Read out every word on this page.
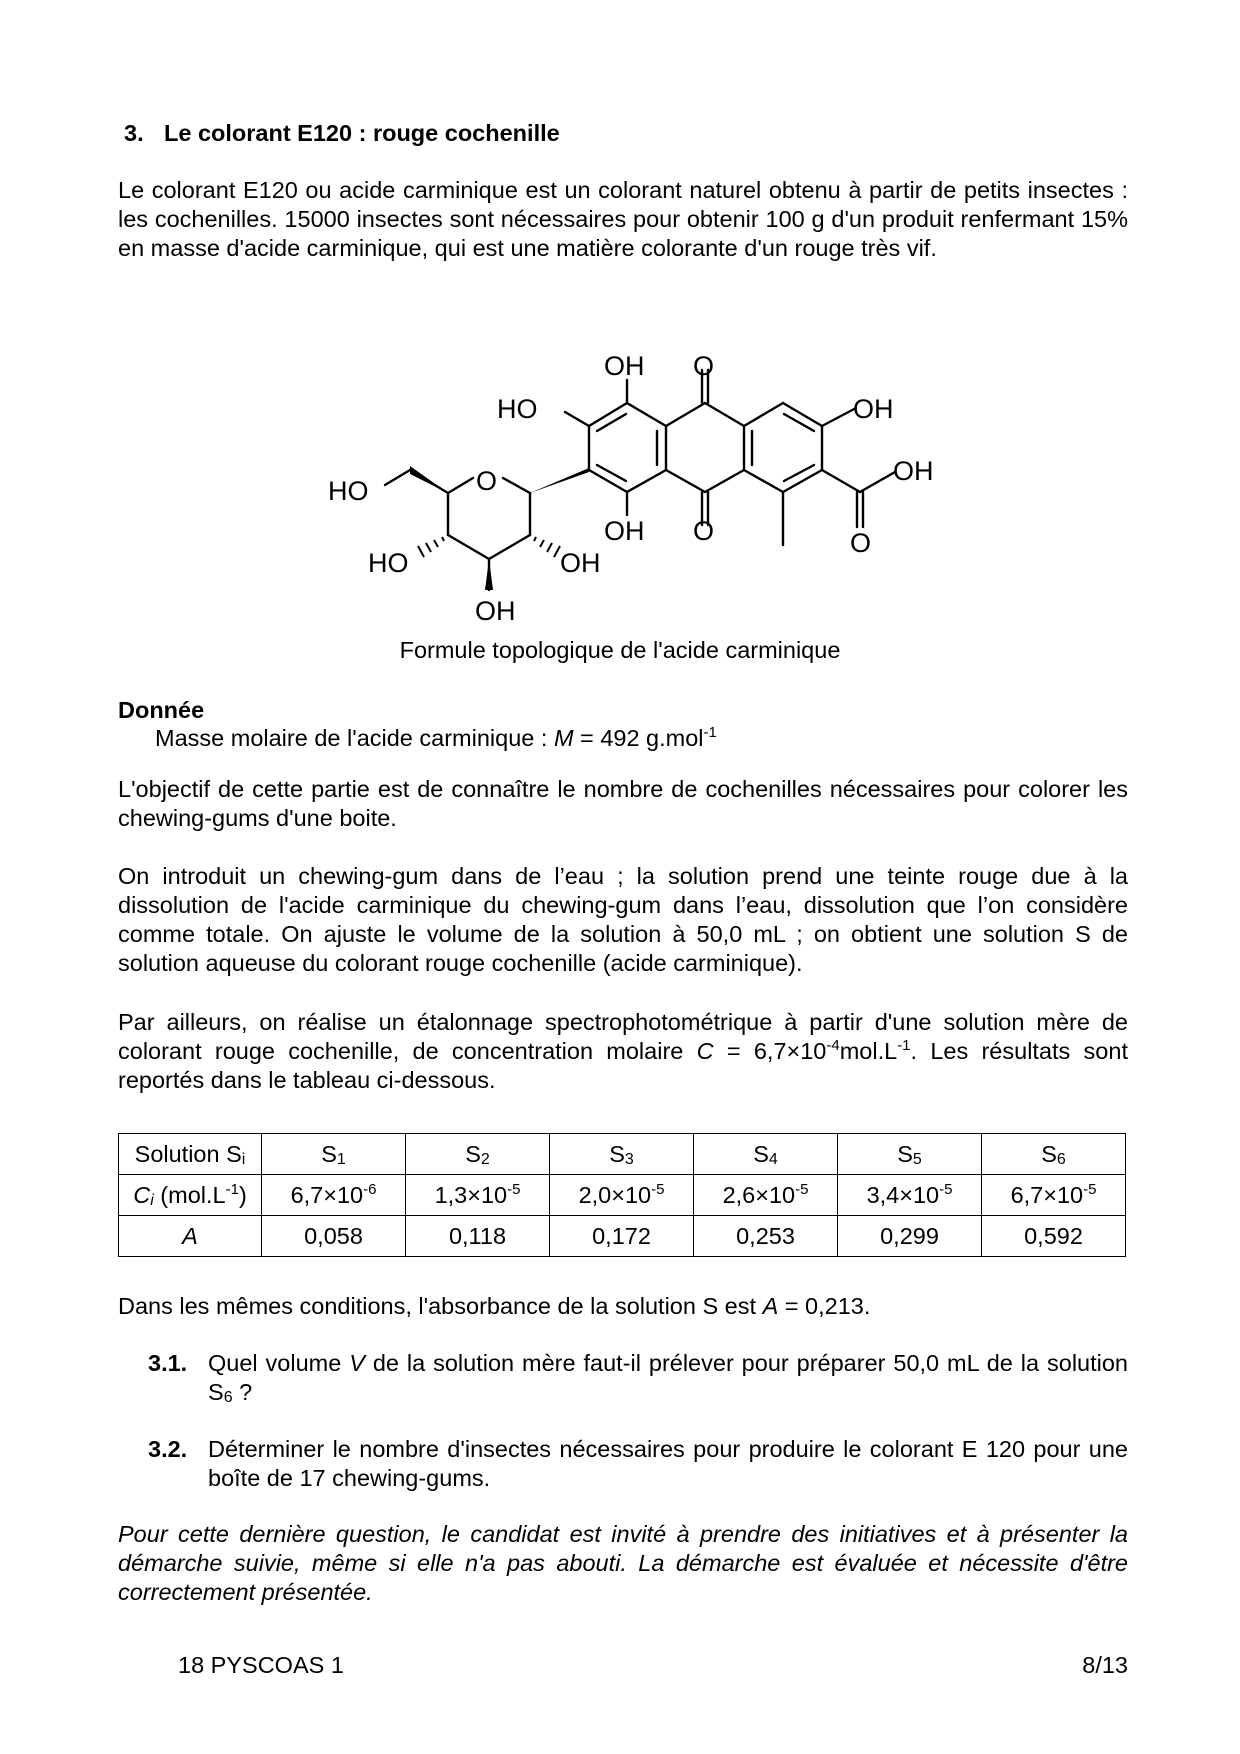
3. Le colorant E120 : rouge cochenille
Le colorant E120 ou acide carminique est un colorant naturel obtenu à partir de petits insectes : les cochenilles. 15000 insectes sont nécessaires pour obtenir 100 g d'un produit renfermant 15% en masse d'acide carminique, qui est une matière colorante d'un rouge très vif.
OH O
HO	OH
OH
O
HO
OH O	O
HO	OH
OH
Formule topologique de l'acide carminique
Donnée
Masse molaire de l'acide carminique : M = 492 g.mol$^{-1}$
L'objectif de cette partie est de connaître le nombre de cochenilles nécessaires pour colorer les chewing-gums d'une boite.
On introduit un chewing-gum dans de l’eau ; la solution prend une teinte rouge due à la dissolution de l'acide carminique du chewing-gum dans l’eau, dissolution que l’on considère comme totale. On ajuste le volume de la solution à 50,0 mL ; on obtient une solution S de solution aqueuse du colorant rouge cochenille (acide carminique).
Par ailleurs, on réalise un étalonnage spectrophotométrique à partir d'une solution mère de colorant rouge cochenille, de concentration molaire $C = 6,7\times 10^{-4}mol.L^{-1}$. Les résultats sont reportés dans le tableau ci-dessous.
Solution $S_i$	$S_1$	$S_2$	$S_3$	$S_4$	$S_5$	$S_6$
$C_i$ $(mol.L^{-1})$	$6,7\times 10^{-6}$	$1,3\times 10^{-5}$	$2,0\times 10^{-5}$	$2,6\times 10^{-5}$	$3,4\times 10^{-5}$	$6,7\times 10^{-5}$
A	0,058	0,118	0,172	0,253	0,299	0,592
Dans les mêmes conditions, l'absorbance de la solution S est A = 0,213.
3.1. Quel volume V de la solution mère faut-il prélever pour préparer 50,0 mL de la solution $S_6$ ?
3.2. Déterminer le nombre d'insectes nécessaires pour produire le colorant E 120 pour une boîte de 17 chewing-gums.
Pour cette dernière question, le candidat est invité à prendre des initiatives et à présenter la démarche suivie, même si elle n'a pas abouti. La démarche est évaluée et nécessite d'être correctement présentée.
18 PYSCOAS 1	8/13
